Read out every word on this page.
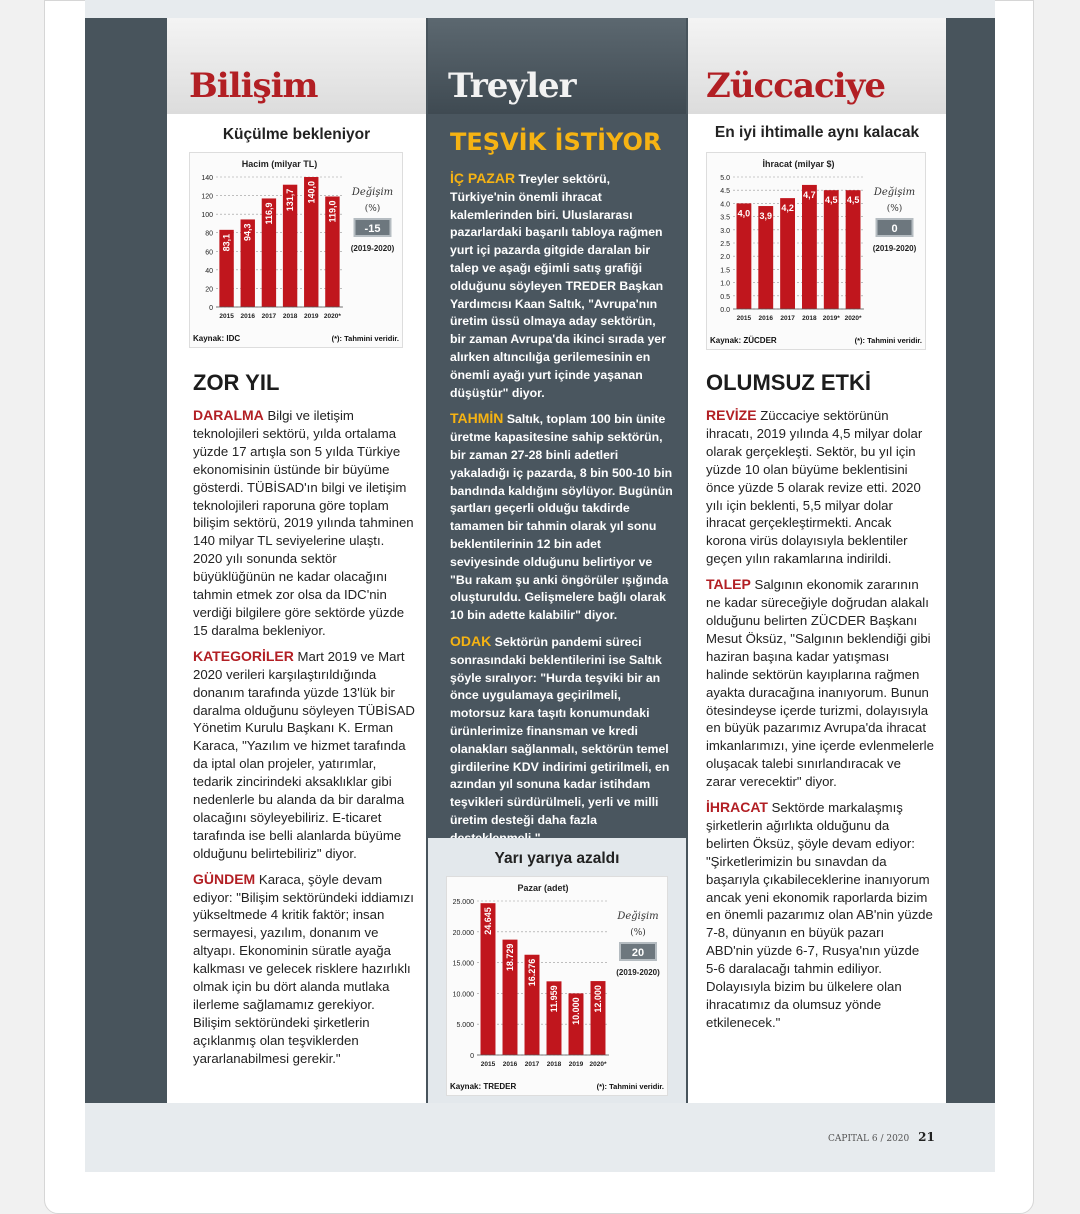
Bilişim
Küçülme bekleniyor
Hacim (milyar TL)
0
20
40
60
80
100
120
140
83,1
2015
94,3
2016
116,9
2017
131,7
2018
140,0
2019
119,0
2020*
Kaynak: IDC	(*): Tahmini veridir.
Değişim
(%)
-15
(2019-2020)
ZOR YIL

DARALMA Bilgi ve iletişim teknolojileri sektörü, yılda ortalama yüzde 17 artışla son 5 yılda Türkiye ekonomisinin üstünde bir büyüme gösterdi. TÜBİSAD'ın bilgi ve iletişim teknolojileri raporuna göre toplam bilişim sektörü, 2019 yılında tahminen 140 milyar TL seviyelerine ulaştı. 2020 yılı sonunda sektör büyüklüğünün ne kadar olacağını tahmin etmek zor olsa da IDC'nin verdiği bilgilere göre sektörde yüzde 15 daralma bekleniyor.

KATEGORİLER Mart 2019 ve Mart 2020 verileri karşılaştırıldığında donanım tarafında yüzde 13'lük bir daralma olduğunu söyleyen TÜBİSAD Yönetim Kurulu Başkanı K. Erman Karaca, "Yazılım ve hizmet tarafında da iptal olan projeler, yatırımlar, tedarik zincirindeki aksaklıklar gibi nedenlerle bu alanda da bir daralma olacağını söyleyebiliriz. E-ticaret tarafında ise belli alanlarda büyüme olduğunu belirtebiliriz" diyor.

GÜNDEM Karaca, şöyle devam ediyor: "Bilişim sektöründeki iddiamızı yükseltmede 4 kritik faktör; insan sermayesi, yazılım, donanım ve altyapı. Ekonominin süratle ayağa kalkması ve gelecek risklere hazırlıklı olmak için bu dört alanda mutlaka ilerleme sağlamamız gerekiyor. Bilişim sektöründeki şirketlerin açıklanmış olan teşviklerden yararlanabilmesi gerekir."

Treyler
TEŞVİK İSTİYOR

İÇ PAZAR Treyler sektörü, Türkiye'nin önemli ihracat kalemlerinden biri. Uluslararası pazarlardaki başarılı tabloya rağmen yurt içi pazarda gitgide daralan bir talep ve aşağı eğimli satış grafiği olduğunu söyleyen TREDER Başkan Yardımcısı Kaan Saltık, "Avrupa'nın üretim üssü olmaya aday sektörün, bir zaman Avrupa'da ikinci sırada yer alırken altıncılığa gerilemesinin en önemli ayağı yurt içinde yaşanan düşüştür" diyor.

TAHMİN Saltık, toplam 100 bin ünite üretme kapasitesine sahip sektörün, bir zaman 27-28 binli adetleri yakaladığı iç pazarda, 8 bin 500-10 bin bandında kaldığını söylüyor. Bugünün şartları geçerli olduğu takdirde tamamen bir tahmin olarak yıl sonu beklentilerinin 12 bin adet seviyesinde olduğunu belirtiyor ve "Bu rakam şu anki öngörüler ışığında oluşturuldu. Gelişmelere bağlı olarak 10 bin adette kalabilir" diyor.

ODAK Sektörün pandemi süreci sonrasındaki beklentilerini ise Saltık şöyle sıralıyor: "Hurda teşviki bir an önce uygulamaya geçirilmeli, motorsuz kara taşıtı konumundaki ürünlerimize finansman ve kredi olanakları sağlanmalı, sektörün temel girdilerine KDV indirimi getirilmeli, en azından yıl sonuna kadar istihdam teşvikleri sürdürülmeli, yerli ve milli üretim desteği daha fazla

Yarı yarıya azaldı
Pazar (adet)
0
5.000
10.000
15.000
20.000
25.000
24.645
2015
18.729
2016
16.276
2017
11.959
2018
10.000
2019
12.000
2020*
Kaynak: TREDER	(*): Tahmini veridir.
Değişim
(%)
20
(2019-2020)
Züccaciye
En iyi ihtimalle aynı kalacak
İhracat (milyar $)
0.0
0.5
1.0
1.5
2.0
2.5
3.0
3.5
4.0
4.5
5.0
4,0
2015
3,9
2016
4,2
2017
4,7
2018
4,5
2019*
4,5
2020*
Kaynak: ZÜCDER	(*): Tahmini veridir.
Değişim
(%)
0
(2019-2020)
OLUMSUZ ETKİ

REVİZE Züccaciye sektörünün ihracatı, 2019 yılında 4,5 milyar dolar olarak gerçekleşti. Sektör, bu yıl için yüzde 10 olan büyüme beklentisini önce yüzde 5 olarak revize etti. 2020 yılı için beklenti, 5,5 milyar dolar ihracat gerçekleştirmekti. Ancak korona virüs dolayısıyla beklentiler geçen yılın rakamlarına indirildi.

TALEP Salgının ekonomik zararının ne kadar süreceğiyle doğrudan alakalı olduğunu belirten ZÜCDER Başkanı Mesut Öksüz, "Salgının beklendiği gibi haziran başına kadar yatışması halinde sektörün kayıplarına rağmen ayakta duracağına inanıyorum. Bunun ötesindeyse içerde turizmi, dolayısıyla en büyük pazarımız Avrupa'da ihracat imkanlarımızı, yine içerde evlenmelerle oluşacak talebi sınırlandıracak ve zarar verecektir" diyor.

İHRACAT Sektörde markalaşmış şirketlerin ağırlıkta olduğunu da belirten Öksüz, şöyle devam ediyor: "Şirketlerimizin bu sınavdan da başarıyla çıkabileceklerine inanıyorum ancak yeni ekonomik raporlarda bizim en önemli pazarımız olan AB'nin yüzde 7-8, dünyanın en büyük pazarı ABD'nin yüzde 6-7, Rusya'nın yüzde 5-6 daralacağı tahmin ediliyor. Dolayısıyla bizim bu ülkelere olan ihracatımız da olumsuz yönde etkilenecek."

CAPITAL 6 / 2020 21
